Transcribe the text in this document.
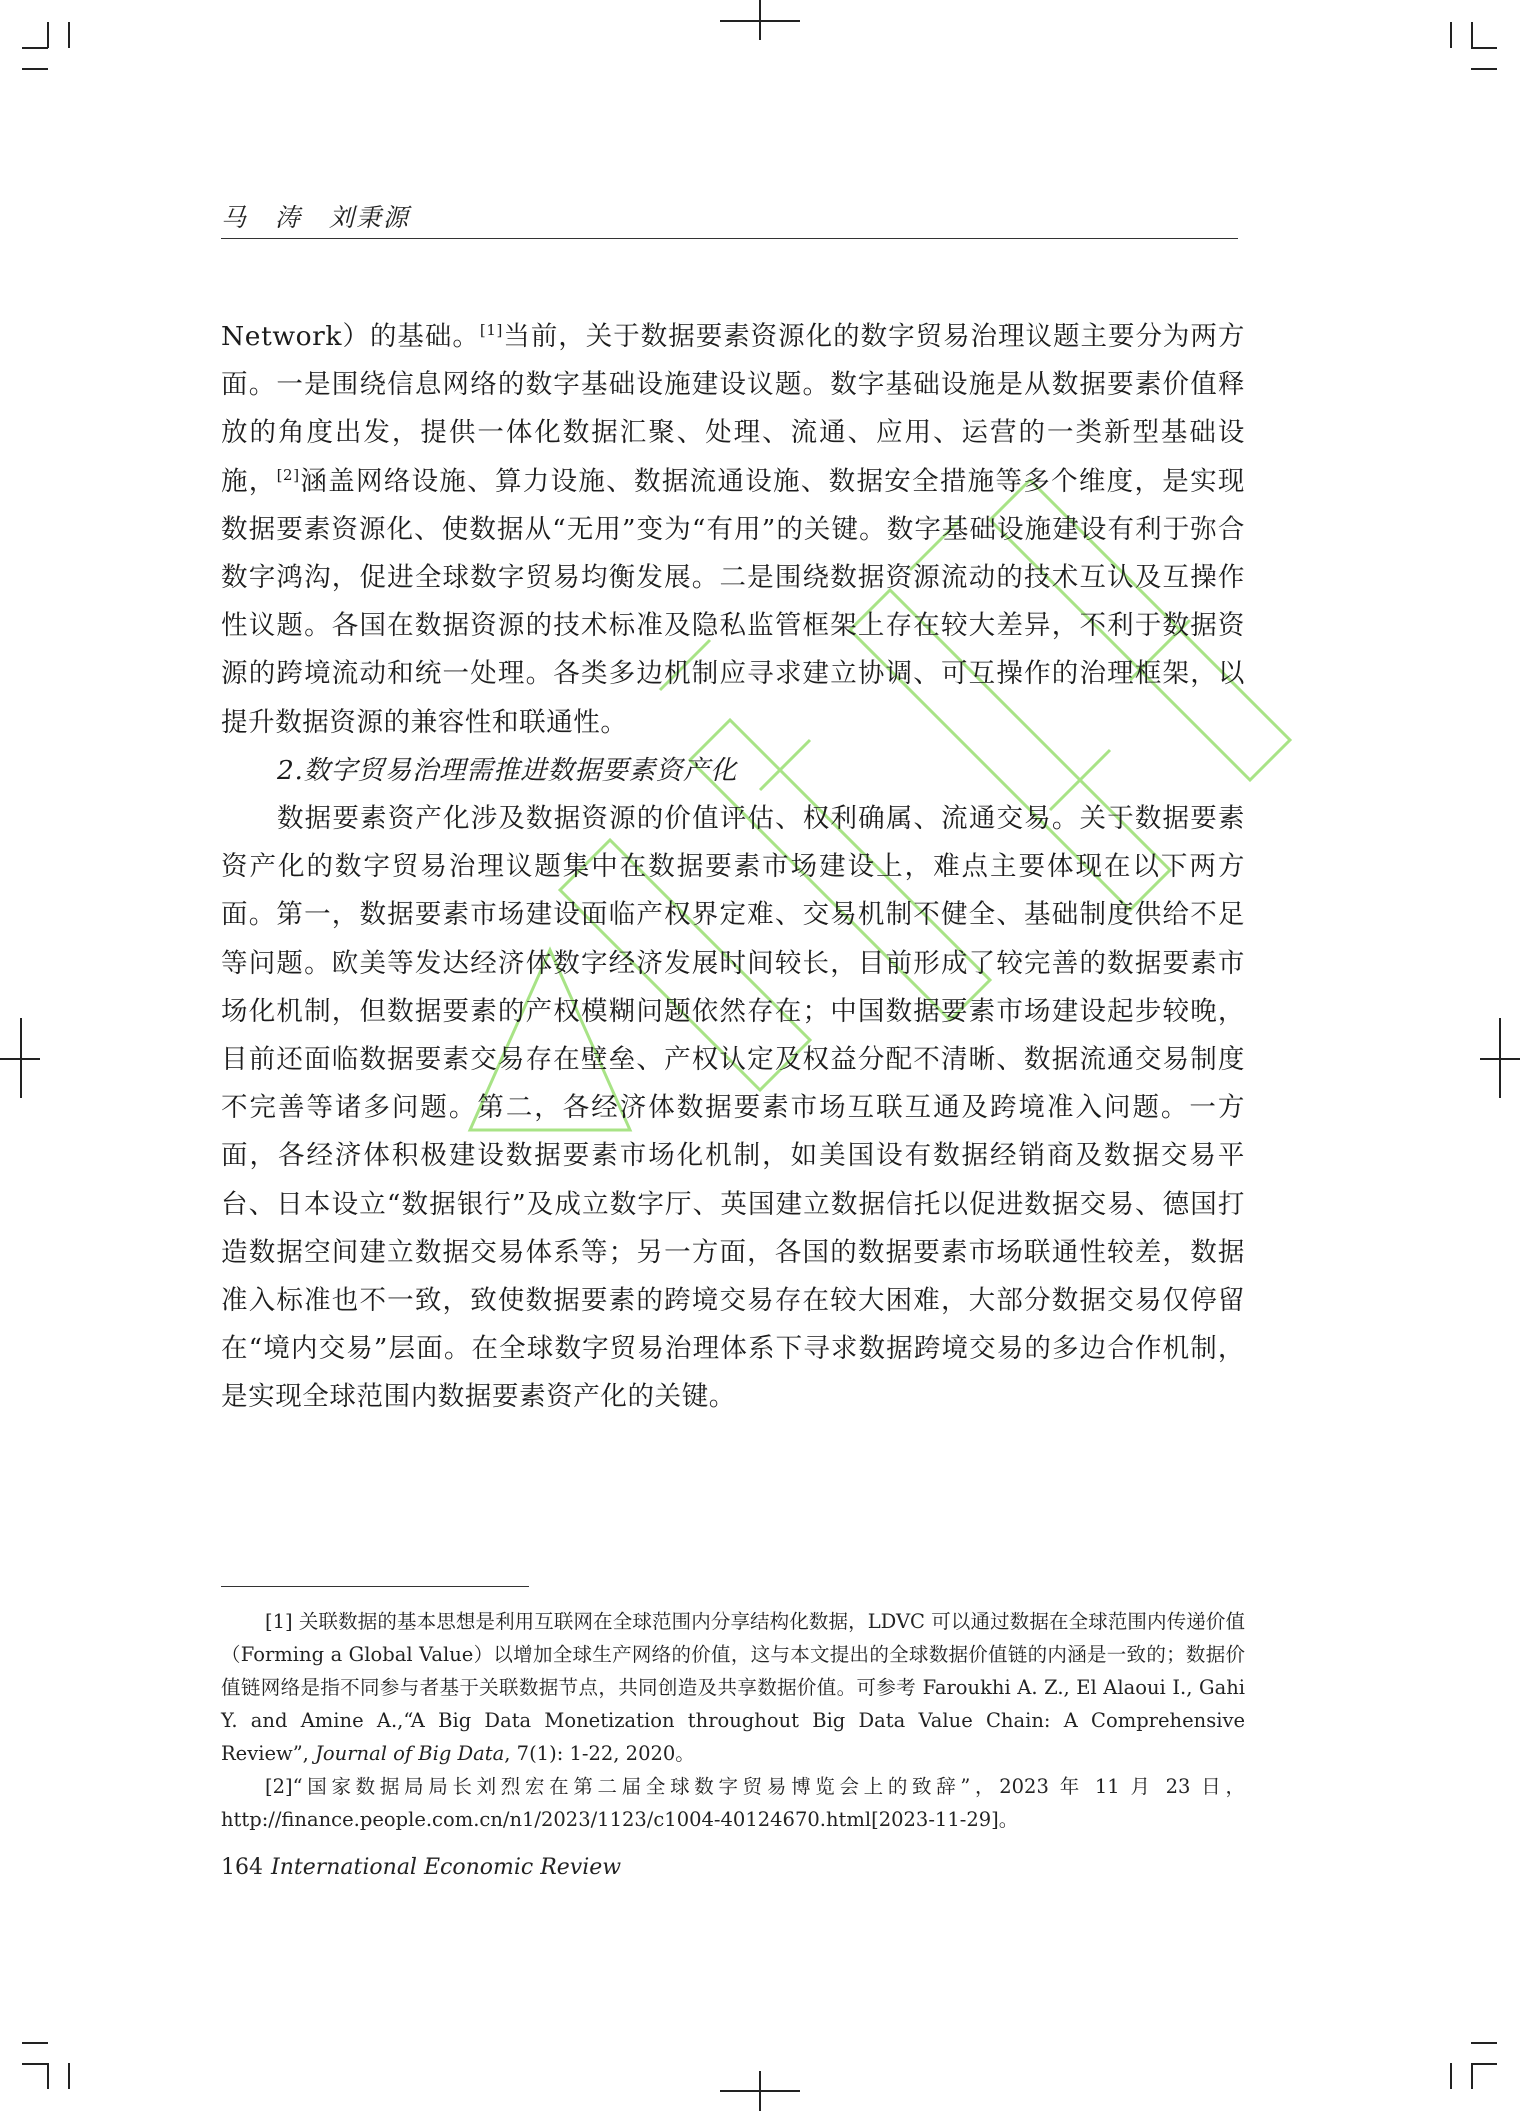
马　涛　刘秉源

Network）的基础。[1]当前，关于数据要素资源化的数字贸易治理议题主要分为两方面。一是围绕信息网络的数字基础设施建设议题。数字基础设施是从数据要素价值释放的角度出发，提供一体化数据汇聚、处理、流通、应用、运营的一类新型基础设施，[2]涵盖网络设施、算力设施、数据流通设施、数据安全措施等多个维度，是实现数据要素资源化、使数据从“无用”变为“有用”的关键。数字基础设施建设有利于弥合数字鸿沟，促进全球数字贸易均衡发展。二是围绕数据资源流动的技术互认及互操作性议题。各国在数据资源的技术标准及隐私监管框架上存在较大差异，不利于数据资源的跨境流动和统一处理。各类多边机制应寻求建立协调、可互操作的治理框架，以提升数据资源的兼容性和联通性。

2.数字贸易治理需推进数据要素资产化

数据要素资产化涉及数据资源的价值评估、权利确属、流通交易。关于数据要素资产化的数字贸易治理议题集中在数据要素市场建设上，难点主要体现在以下两方面。第一，数据要素市场建设面临产权界定难、交易机制不健全、基础制度供给不足等问题。欧美等发达经济体数字经济发展时间较长，目前形成了较完善的数据要素市场化机制，但数据要素的产权模糊问题依然存在；中国数据要素市场建设起步较晚，目前还面临数据要素交易存在壁垒、产权认定及权益分配不清晰、数据流通交易制度不完善等诸多问题。第二，各经济体数据要素市场互联互通及跨境准入问题。一方面，各经济体积极建设数据要素市场化机制，如美国设有数据经销商及数据交易平台、日本设立“数据银行”及成立数字厅、英国建立数据信托以促进数据交易、德国打造数据空间建立数据交易体系等；另一方面，各国的数据要素市场联通性较差，数据准入标准也不一致，致使数据要素的跨境交易存在较大困难，大部分数据交易仅停留在“境内交易”层面。在全球数字贸易治理体系下寻求数据跨境交易的多边合作机制，是实现全球范围内数据要素资产化的关键。

[1] 关联数据的基本思想是利用互联网在全球范围内分享结构化数据，LDVC 可以通过数据在全球范围内传递价值（Forming a Global Value）以增加全球生产网络的价值，这与本文提出的全球数据价值链的内涵是一致的；数据价值链网络是指不同参与者基于关联数据节点，共同创造及共享数据价值。可参考 Faroukhi A. Z., El Alaoui I., Gahi Y. and Amine A.,“A Big Data Monetization throughout Big Data Value Chain: A Comprehensive Review”, Journal of Big Data, 7(1): 1-22, 2020。

[2]“国家数据局局长刘烈宏在第二届全球数字贸易博览会上的致辞”，2023 年 11 月 23 日，http://finance.people.com.cn/n1/2023/1123/c1004-40124670.html[2023-11-29]。

164 International Economic Review
